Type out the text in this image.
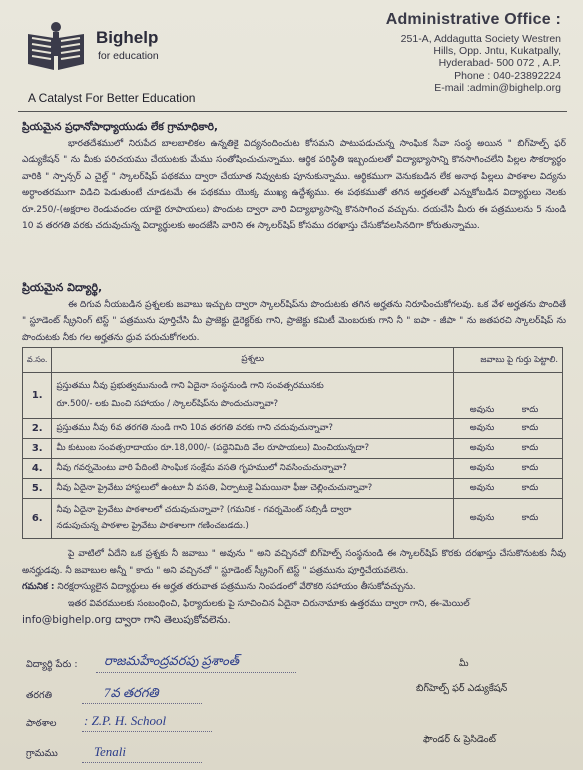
Bighelp
for education
A Catalyst For Better Education
Administrative Office :
251-A, Addagutta Society Westren
Hills, Opp. Jntu, Kukatpally,
Hyderabad- 500 072 , A.P.
Phone : 040-23892224
E-mail :admin@bighelp.org

ప్రియమైన ప్రధానోపాధ్యాయుడు లేక గ్రామాధికారి,

భారతదేశములో నిరుపేద బాలబాలికల ఉన్నతికై విద్యనందించుట కోసమని పాటుపడుచున్న సాంఘిక సేవా సంస్థ అయిన " బిగ్‌హెల్ప్ ఫర్ ఎడ్యుకేషన్ " ను మీకు పరిచయము చేయుటకు మేము సంతోషించుచున్నాము. ఆర్థిక పరిస్థితి ఇబ్బందులతో విద్యాభ్యాసాన్ని కొనసాగించలేని పిల్లల సౌకర్యార్థం వారికి " స్పాన్సర్ ఎ చైల్డ్ " స్కాలర్‌షిప్ పథకము ద్వారా చేయూత నివ్వుటకు పూనుకున్నాము. ఆర్థికముగా వెనుకబడిన లేక అనాథ పిల్లలు పాఠశాల విద్యను అర్ధాంతరముగా విడిచి పెడుతుంటే చూడటమే ఈ పథకము యొక్క ముఖ్య ఉద్దేశ్యము. ఈ పథకముతో తగిన అర్హతలతో ఎన్నుకోబడిన విద్యార్థులు నెలకు రూ.250/-(అక్షరాల రెండువందల యాభై రూపాయలు) పొందుట ద్వారా వారి విద్యాభ్యాసాన్ని కొనసాగించ వచ్చును. దయచేసి మీరు ఈ పత్రములను 5 నుండి 10 వ తరగతి వరకు చదువుచున్న విద్యార్థులకు అందజేసి వారిని ఈ స్కాలర్‌షిప్ కోసము దరఖాస్తు చేసుకోవలసినదిగా కోరుతున్నాము.

ప్రియమైన విద్యార్థి,

ఈ దిగువ నీయబడిన ప్రశ్నలకు జవాబు ఇచ్చుట ద్వారా స్కాలర్‌షిప్‌ను పొందుటకు తగిన అర్హతను నిరూపించుకోగలవు. ఒక వేళ అర్హతను పొందితే " స్టూడెంట్ స్క్రీనింగ్ టెస్ట్ " పత్రమును పూర్తిచేసి మీ ప్రాజెక్టు డైరెక్టర్‌కు గాని, ప్రాజెక్టు కమిటీ మెంబరుకు గాని నీ " ఐపా - జీపా " ను జతపరచి స్కాలర్‌షిప్ ను పొందుటకు నీకు గల అర్హతను ధ్రువ పరుచుకోగలరు.

వ.సం.	ప్రశ్నలు	జవాబు పై గుర్తు పెట్టాలి.
1.	ప్రస్తుతము నీవు ప్రభుత్వమునుండి గాని ఏదైనా సంస్థనుండి గాని సంవత్సరమునకు
రూ.500/- లకు మించి సహాయం / స్కాలర్‌షిప్‌ను పొందుచున్నావా?	అవును కాదు
2.	ప్రస్తుతము నీవు 6వ తరగతి నుండి గాని 10వ తరగతి వరకు గాని చదువుచున్నావా?	అవును కాదు
3.	మీ కుటుంబ సంవత్సరాదాయం రూ.18,000/- (పద్దెనిమిది వేల రూపాయలు) మించియున్నదా?	అవును కాదు
4.	నీవు గవర్నమెంటు వారి పేదింటి సాంఘిక సంక్షేమ వసతి గృహములో నివసించుచున్నావా?	అవును కాదు
5.	నీవు ఏదైనా ప్రైవేటు హాస్టలులో ఉంటూ నీ వసతి, ఏర్పాటుకై ఏమయినా ఫీజు చెల్లించుచున్నావా?	అవును కాదు
6.	నీవు ఏదైనా ప్రైవేటు పాఠశాలలో చదువుచున్నావా? (గమనిక - గవర్నమెంట్ సబ్సిడీ ద్వారా
నడుపుచున్న పాఠశాల ప్రైవేటు పాఠశాలగా గణించబడదు.)	అవును కాదు

పై వాటిలో ఏదేని ఒక ప్రశ్నకు నీ జవాబు " అవును " అని వచ్చినచో బిగ్‌హెల్ప్ సంస్థనుండి ఈ స్కాలర్‌షిప్ కొరకు దరఖాస్తు చేసుకొనుటకు నీవు అనర్హుడవు. నీ జవాబుల అన్నీ " కాదు " అని వచ్చినచో " స్టూడెంట్ స్క్రీనింగ్ టెస్ట్ " పత్రమును పూర్తిచేయవలెను.

గమనిక : నిరక్షరాస్యులైన విద్యార్థులు ఈ అర్హత తరువాత పత్రమును నింపడంలో వేరొకరి సహాయం తీసుకోవచ్చును.

ఇతర వివరములకు సంబంధించి, ఫిర్యాదులకు పై సూచించిన ఏదైనా చిరునామాకు ఉత్తరము ద్వారా గాని, ఈ-మెయిల్

info@bighelp.org ద్వారా గాని తెలుపుకోవలెను.

విద్యార్థి పేరు : రాజమహేంద్రవరపు ప్రశాంత్
తరగతి	7వ తరగతి
పాఠశాల : Z.P. H. School
గ్రామము	Tenali
మీ
బిగ్‌హెల్ప్ ఫర్ ఎడ్యుకేషన్
ఫౌండర్ & ప్రెసిడెంట్
